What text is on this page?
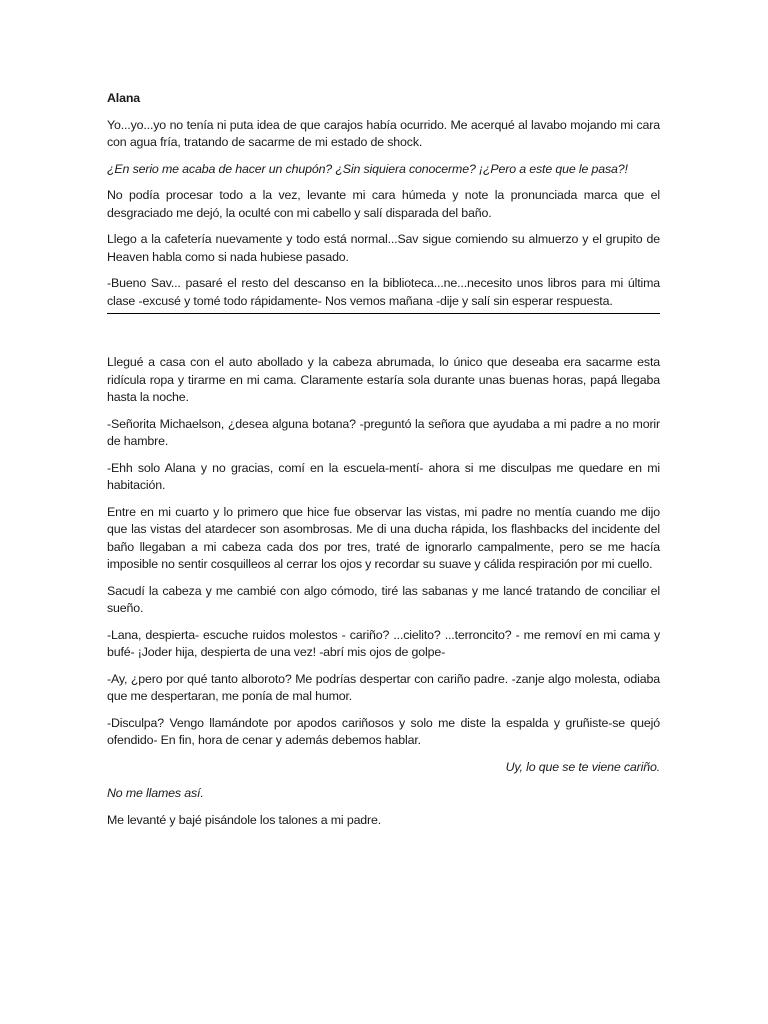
Alana

Yo...yo...yo no tenía ni puta idea de que carajos había ocurrido. Me acerqué al lavabo mojando mi cara con agua fría, tratando de sacarme de mi estado de shock.

¿En serio me acaba de hacer un chupón? ¿Sin siquiera conocerme? ¡¿Pero a este que le pasa?!

No podía procesar todo a la vez, levante mi cara húmeda y note la pronunciada marca que el desgraciado me dejó, la oculté con mi cabello y salí disparada del baño.

Llego a la cafetería nuevamente y todo está normal...Sav sigue comiendo su almuerzo y el grupito de Heaven habla como si nada hubiese pasado.

-Bueno Sav... pasaré el resto del descanso en la biblioteca...ne...necesito unos libros para mi última clase -excusé y tomé todo rápidamente- Nos vemos mañana -dije y salí sin esperar respuesta.

Llegué a casa con el auto abollado y la cabeza abrumada, lo único que deseaba era sacarme esta ridícula ropa y tirarme en mi cama. Claramente estaría sola durante unas buenas horas, papá llegaba hasta la noche.

-Señorita Michaelson, ¿desea alguna botana? -preguntó la señora que ayudaba a mi padre a no morir de hambre.

-Ehh solo Alana y no gracias, comí en la escuela-mentí- ahora si me disculpas me quedare en mi habitación.

Entre en mi cuarto y lo primero que hice fue observar las vistas, mi padre no mentía cuando me dijo que las vistas del atardecer son asombrosas. Me di una ducha rápida, los flashbacks del incidente del baño llegaban a mi cabeza cada dos por tres, traté de ignorarlo campalmente, pero se me hacía imposible no sentir cosquilleos al cerrar los ojos y recordar su suave y cálida respiración por mi cuello.

Sacudí la cabeza y me cambié con algo cómodo, tiré las sabanas y me lancé tratando de conciliar el sueño.

-Lana, despierta- escuche ruidos molestos - cariño? ...cielito? ...terroncito? - me removí en mi cama y bufé- ¡Joder hija, despierta de una vez! -abrí mis ojos de golpe-

-Ay, ¿pero por qué tanto alboroto? Me podrías despertar con cariño padre. -zanje algo molesta, odiaba que me despertaran, me ponía de mal humor.

-Disculpa? Vengo llamándote por apodos cariñosos y solo me diste la espalda y gruñiste-se quejó ofendido- En fin, hora de cenar y además debemos hablar.

Uy, lo que se te viene cariño.

No me llames así.

Me levanté y bajé pisándole los talones a mi padre.
